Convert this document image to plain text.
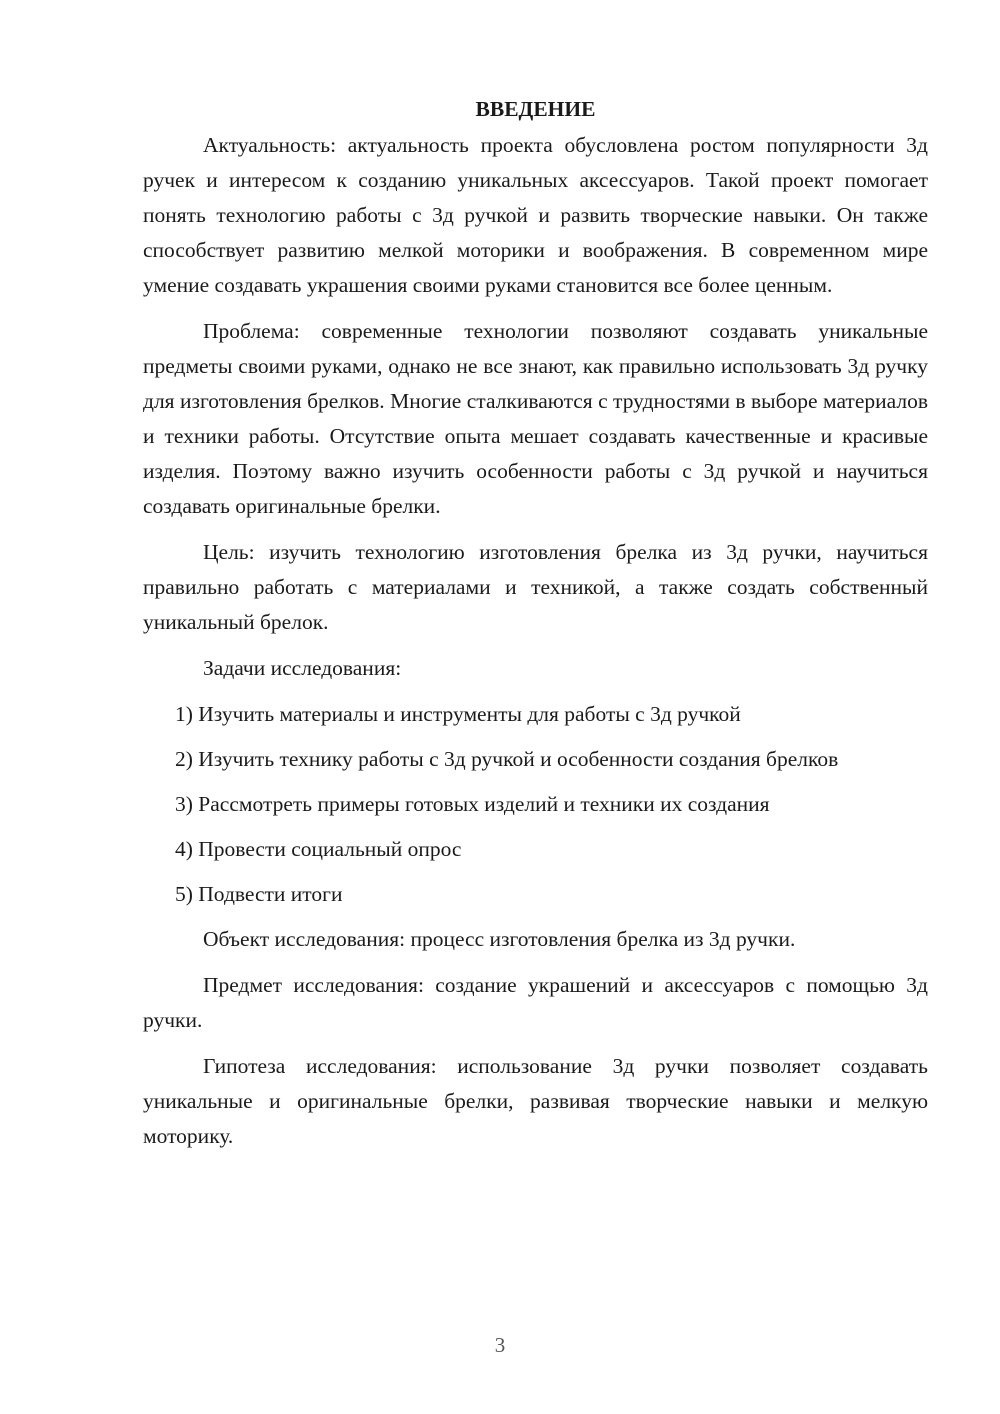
ВВЕДЕНИЕ

Актуальность: актуальность проекта обусловлена ростом популярности 3д ручек и интересом к созданию уникальных аксессуаров. Такой проект помогает понять технологию работы с 3д ручкой и развить творческие навыки. Он также способствует развитию мелкой моторики и воображения. В современном мире умение создавать украшения своими руками становится все более ценным.

Проблема: современные технологии позволяют создавать уникальные предметы своими руками, однако не все знают, как правильно использовать 3д ручку для изготовления брелков. Многие сталкиваются с трудностями в выборе материалов и техники работы. Отсутствие опыта мешает создавать качественные и красивые изделия. Поэтому важно изучить особенности работы с 3д ручкой и научиться создавать оригинальные брелки.

Цель: изучить технологию изготовления брелка из 3д ручки, научиться правильно работать с материалами и техникой, а также создать собственный уникальный брелок.

Задачи исследования:

1) Изучить материалы и инструменты для работы с 3д ручкой

2) Изучить технику работы с 3д ручкой и особенности создания брелков

3) Рассмотреть примеры готовых изделий и техники их создания

4) Провести социальный опрос

5) Подвести итоги

Объект исследования: процесс изготовления брелка из 3д ручки.

Предмет исследования: создание украшений и аксессуаров с помощью 3д ручки.

Гипотеза исследования: использование 3д ручки позволяет создавать уникальные и оригинальные брелки, развивая творческие навыки и мелкую моторику.

3
